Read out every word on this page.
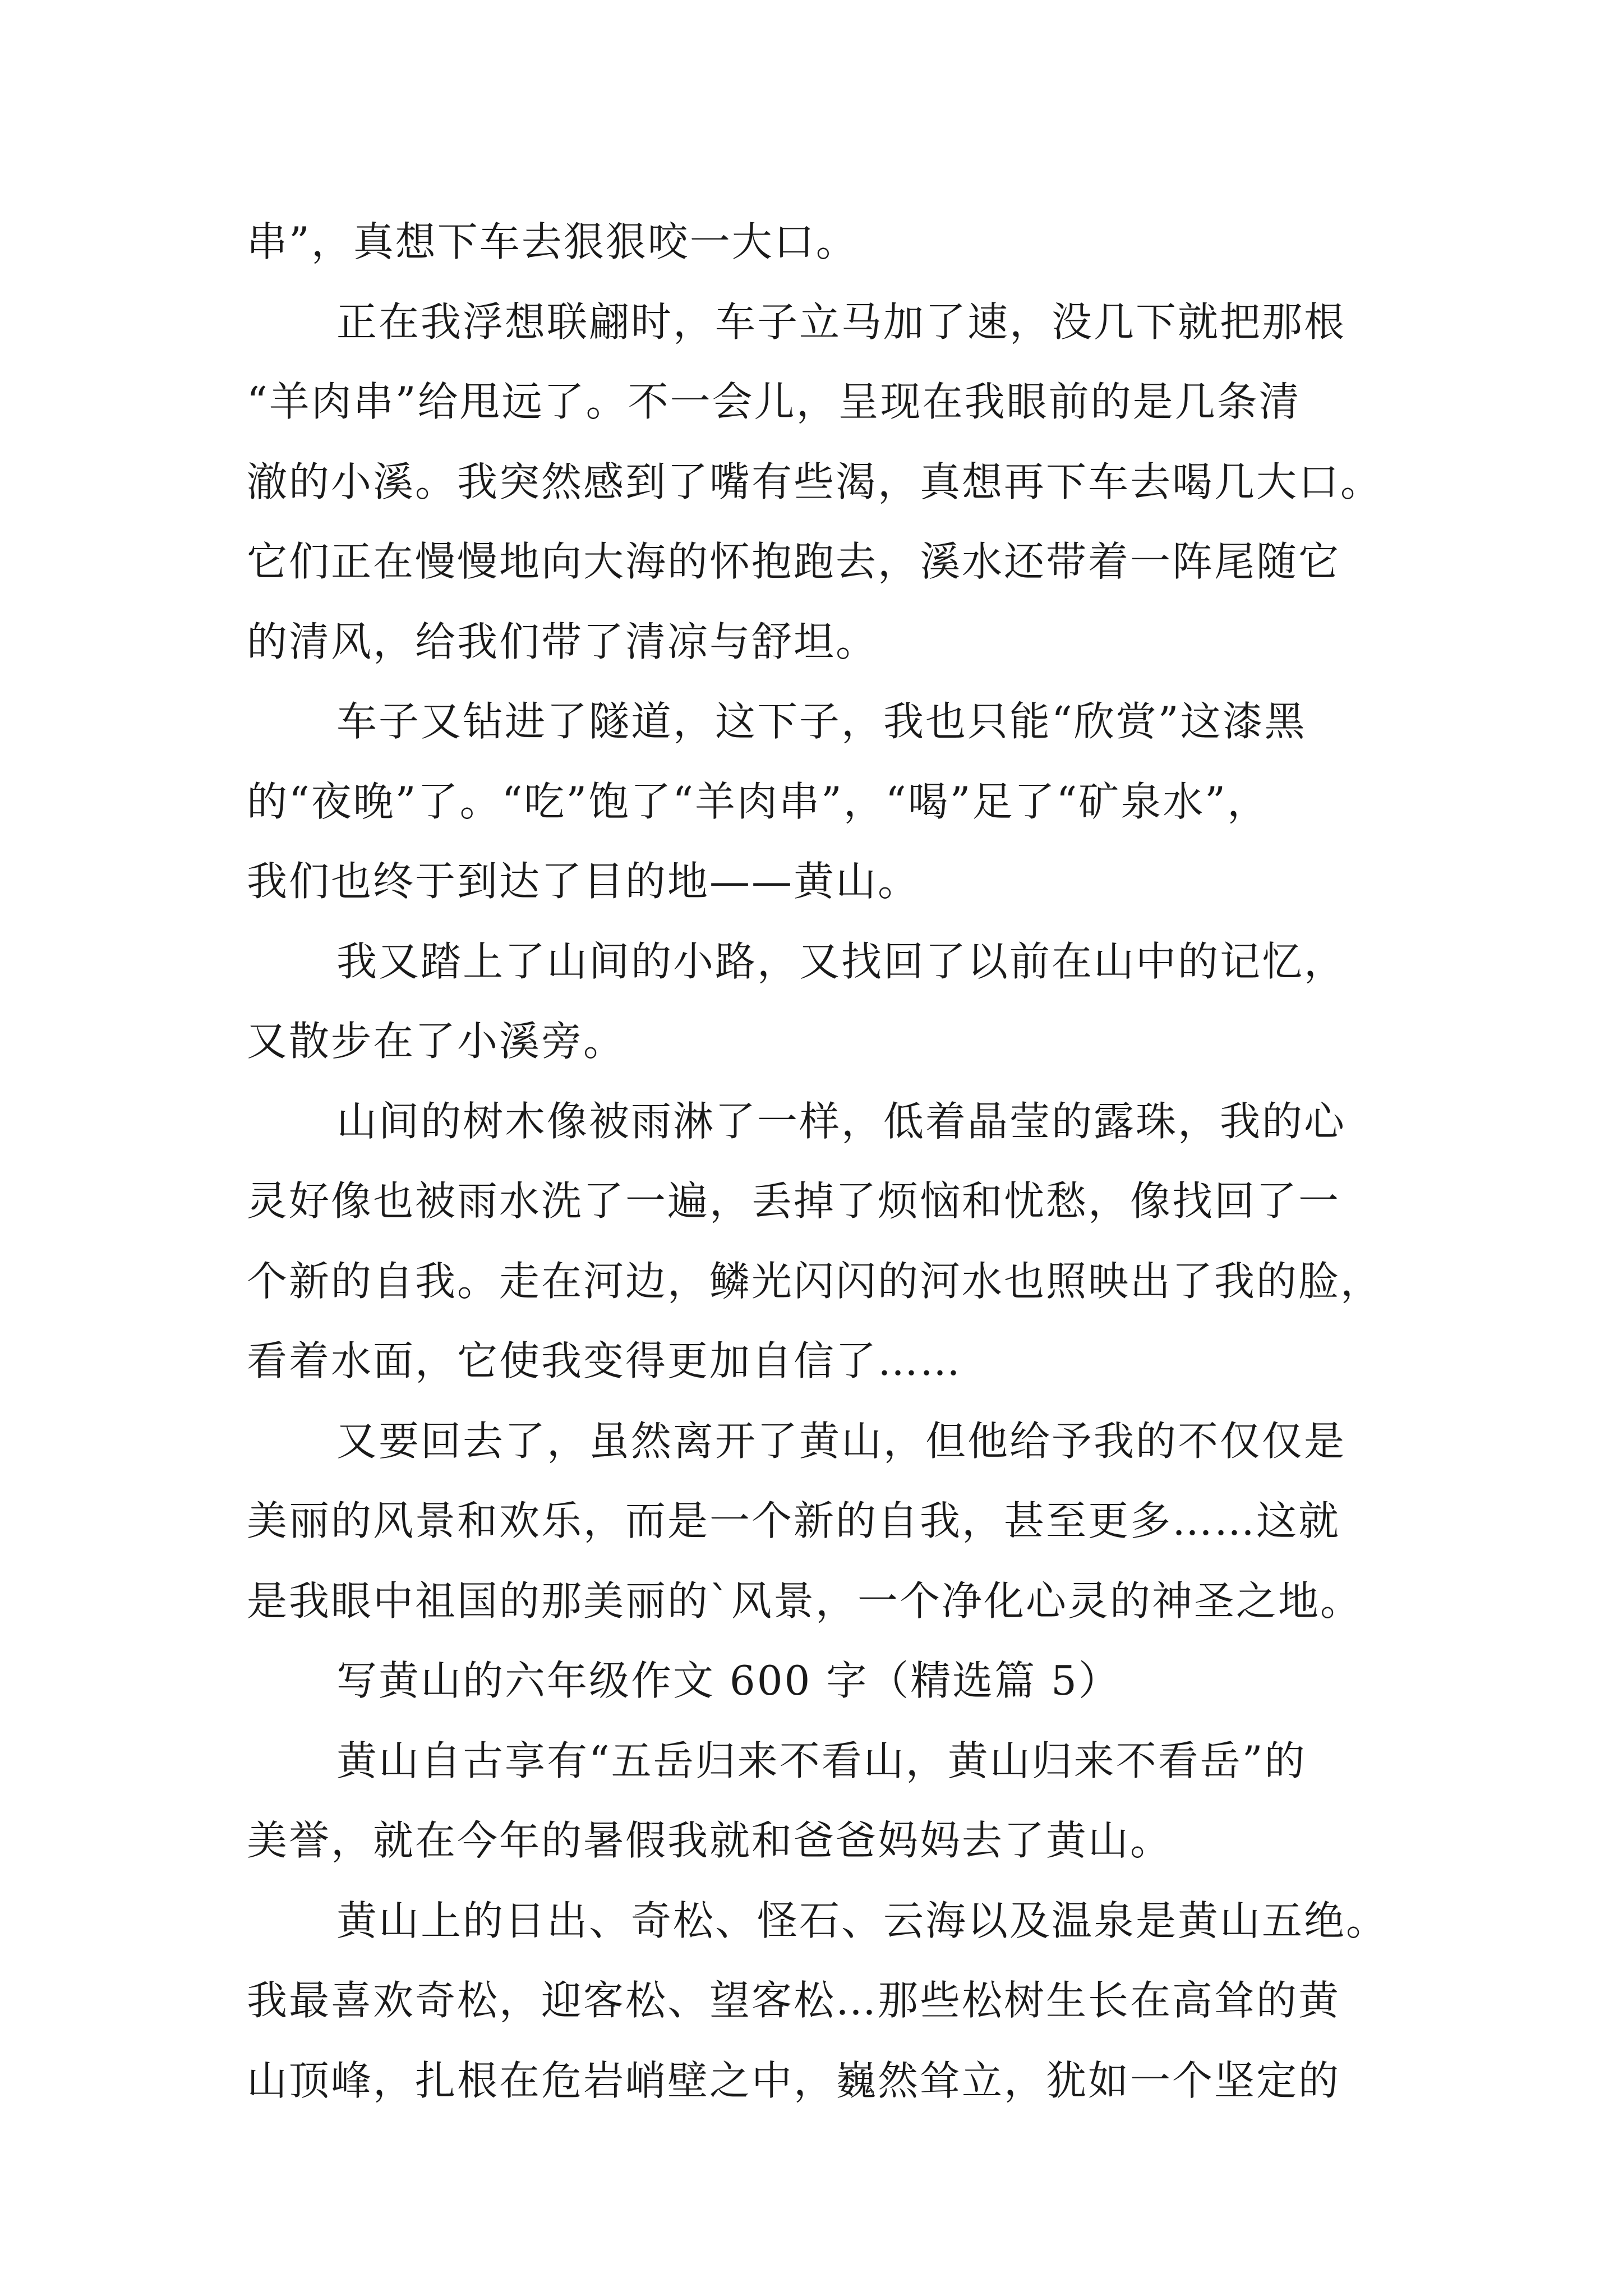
串”，真想下车去狠狠咬一大口。
正在我浮想联翩时，车子立马加了速，没几下就把那根
“羊肉串”给甩远了。不一会儿，呈现在我眼前的是几条清
澈的小溪。我突然感到了嘴有些渴，真想再下车去喝几大口。
它们正在慢慢地向大海的怀抱跑去，溪水还带着一阵尾随它
的清风，给我们带了清凉与舒坦。
车子又钻进了隧道，这下子，我也只能“欣赏”这漆黑
的“夜晚”了。“吃”饱了“羊肉串”，“喝”足了“矿泉水”，
我们也终于到达了目的地——黄山。
我又踏上了山间的小路，又找回了以前在山中的记忆，
又散步在了小溪旁。
山间的树木像被雨淋了一样，低着晶莹的露珠，我的心
灵好像也被雨水洗了一遍，丢掉了烦恼和忧愁，像找回了一
个新的自我。走在河边，鳞光闪闪的河水也照映出了我的脸，
看着水面，它使我变得更加自信了……
又要回去了，虽然离开了黄山，但他给予我的不仅仅是
美丽的风景和欢乐，而是一个新的自我，甚至更多……这就
是我眼中祖国的那美丽的`风景，一个净化心灵的神圣之地。
写黄山的六年级作文 600 字（精选篇 5）
黄山自古享有“五岳归来不看山，黄山归来不看岳”的
美誉，就在今年的暑假我就和爸爸妈妈去了黄山。
黄山上的日出、奇松、怪石、云海以及温泉是黄山五绝。
我最喜欢奇松，迎客松、望客松…那些松树生长在高耸的黄
山顶峰，扎根在危岩峭壁之中，巍然耸立，犹如一个坚定的
